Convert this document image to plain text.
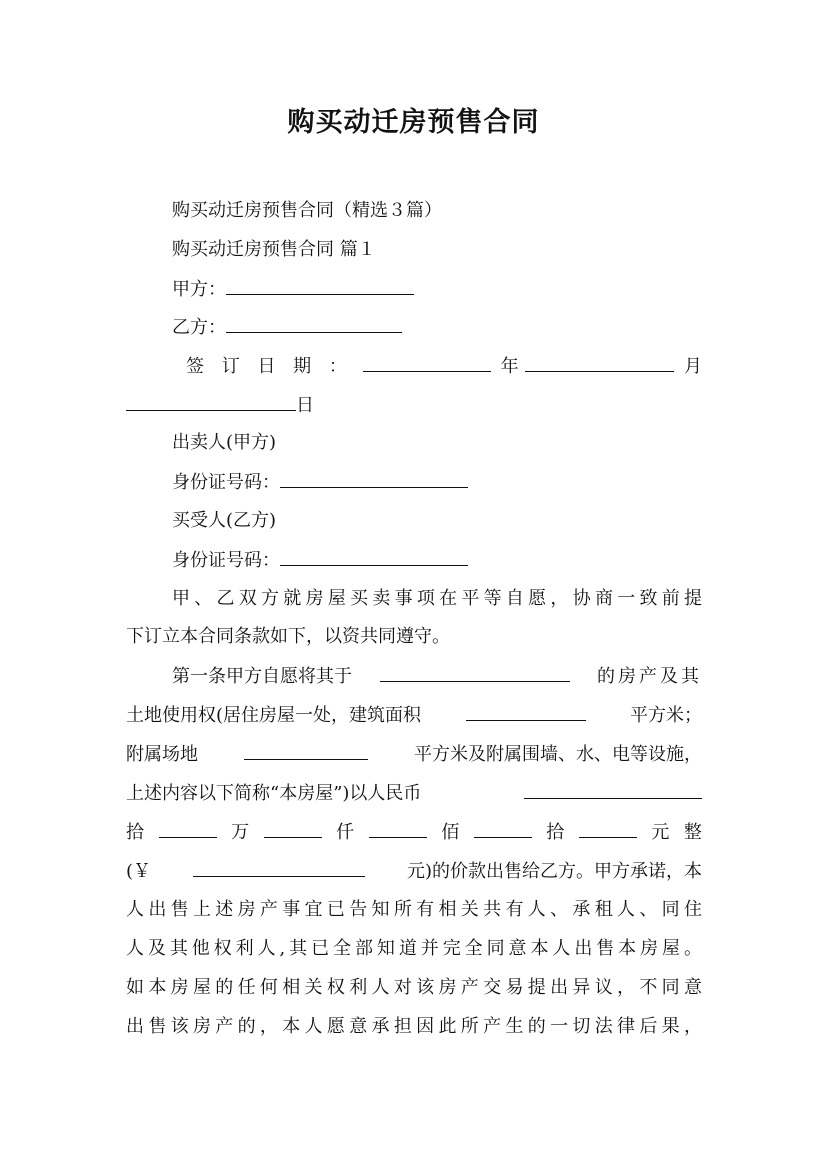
购买动迁房预售合同

购买动迁房预售合同（精选３篇）

购买动迁房预售合同 篇１

甲方：

乙方：

签 订 日 期 ：	年	月

日

出卖人(甲方)

身份证号码：

买受人(乙方)

身份证号码：

甲、乙双方就房屋买卖事项在平等自愿，协商一致前提

下订立本合同条款如下，以资共同遵守。

第一条甲方自愿将其于	的房产及其
土地使用权(居住房屋一处，建筑面积	平方米；
附属场地	平方米及附属围墙、水、电等设施，
上述内容以下简称“本房屋”)以人民币
拾	万	仟	佰	拾	元 整
(￥	元)的价款出售给乙方。甲方承诺，本

人出售上述房产事宜已告知所有相关共有人、承租人、同住

人及其他权利人,其已全部知道并完全同意本人出售本房屋。

如本房屋的任何相关权利人对该房产交易提出异议，不同意

出售该房产的，本人愿意承担因此所产生的一切法律后果，
